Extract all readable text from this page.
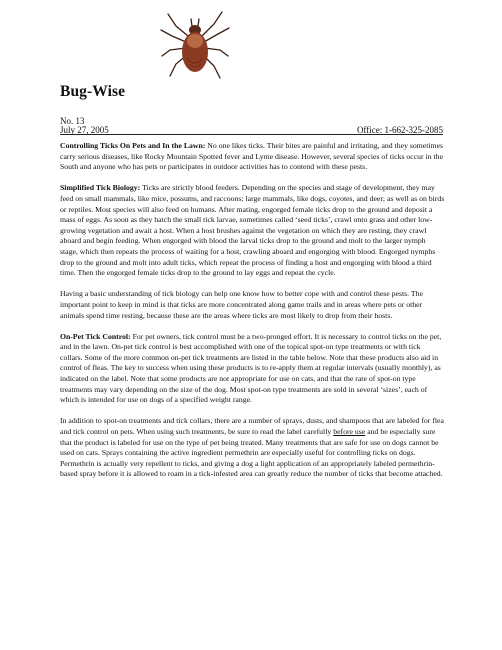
Bug-Wise
No. 13
July 27, 2005	Office: 1-662-325-2085

Controlling Ticks On Pets and In the Lawn: No one likes ticks. Their bites are painful and irritating, and they sometimes carry serious diseases, like Rocky Mountain Spotted fever and Lyme disease. However, several species of ticks occur in the South and anyone who has pets or participates in outdoor activities has to contend with these pests.

Simplified Tick Biology: Ticks are strictly blood feeders. Depending on the species and stage of development, they may feed on small mammals, like mice, possums, and raccoons; large mammals, like dogs, coyotes, and deer; as well as on birds or reptiles. Most species will also feed on humans. After mating, engorged female ticks drop to the ground and deposit a mass of eggs. As soon as they hatch the small tick larvae, sometimes called ‘seed ticks’, crawl onto grass and other low-growing vegetation and await a host. When a host brushes against the vegetation on which they are resting, they crawl aboard and begin feeding. When engorged with blood the larval ticks drop to the ground and molt to the larger nymph stage, which then repeats the process of waiting for a host, crawling aboard and engorging with blood. Engorged nymphs drop to the ground and molt into adult ticks, which repeat the process of finding a host and engorging with blood a third time. Then the engorged female ticks drop to the ground to lay eggs and repeat the cycle.

Having a basic understanding of tick biology can help one know how to better cope with and control these pests. The important point to keep in mind is that ticks are more concentrated along game trails and in areas where pets or other animals spend time resting, because these are the areas where ticks are most likely to drop from their hosts.

On-Pet Tick Control: For pet owners, tick control must be a two-pronged effort. It is necessary to control ticks on the pet, and in the lawn. On-pet tick control is best accomplished with one of the topical spot-on type treatments or with tick collars. Some of the more common on-pet tick treatments are listed in the table below. Note that these products also aid in control of fleas. The key to success when using these products is to re-apply them at regular intervals (usually monthly), as indicated on the label. Note that some products are not appropriate for use on cats, and that the rate of spot-on type treatments may vary depending on the size of the dog. Most spot-on type treatments are sold in several ‘sizes’, each of which is intended for use on dogs of a specified weight range.

In addition to spot-on treatments and tick collars, there are a number of sprays, dusts, and shampoos that are labeled for flea and tick control on pets. When using such treatments, be sure to read the label carefully before use and be especially sure that the product is labeled for use on the type of pet being treated. Many treatments that are safe for use on dogs cannot be used on cats. Sprays containing the active ingredient permethrin are especially useful for controlling ticks on dogs. Permethrin is actually very repellent to ticks, and giving a dog a light application of an appropriately labeled permethrin-based spray before it is allowed to roam in a tick-infested area can greatly reduce the number of ticks that become attached.
